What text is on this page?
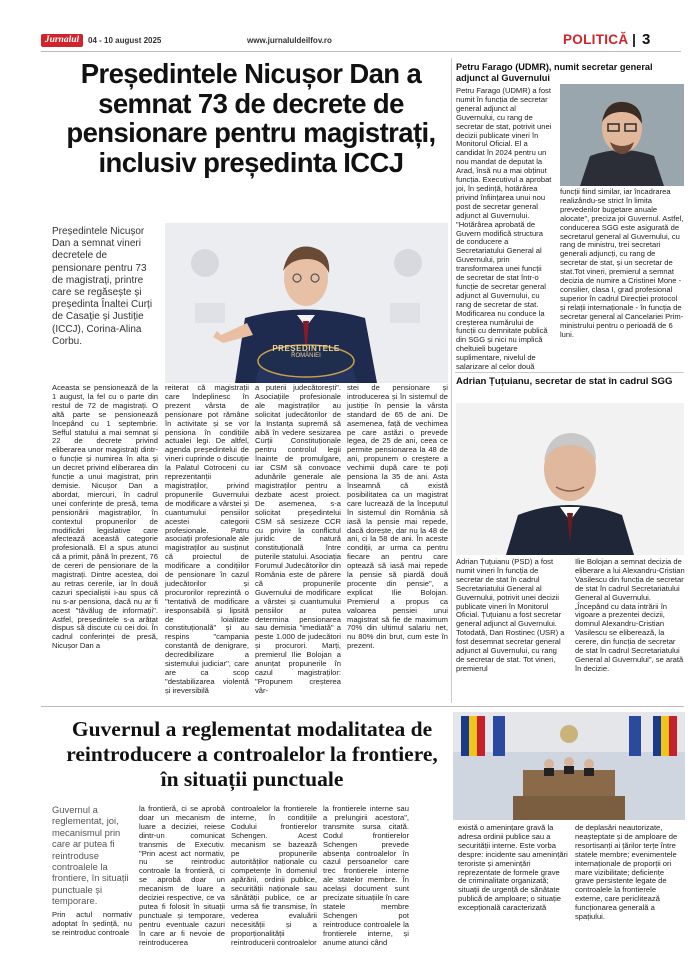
Jurnalul	04 - 10 august 2025	www.jurnaluldeilfov.ro	POLITICĂ 3
Președintele Nicușor Dan a semnat 73 de decrete de pensionare pentru magistrați, inclusiv președinta ICCJ

Președintele Nicușor Dan a semnat vineri decretele de pensionare pentru 73 de magistrați, printre care se regăsește și președinta Înaltei Curți de Casație și Justiție (ICCJ), Corina-Alina Corbu.

PREȘEDINTELE
ROMÂNIEI

Aceasta se pensionează de la 1 august, la fel cu o parte din restul de 72 de magistrați. O altă parte se pensionează începând cu 1 septembrie. Sefful statului a mai semnat și 22 de decrete privind eliberarea unor magistrați dintr-o funcție și numirea în alta și un decret privind eliberarea din funcție a unui magistrat, prin demisie. Nicușor Dan a abordat, miercuri, în cadrul unei conferințe de presă, tema pensionării magistraților, în contextul propunerilor de modificări legislative care afectează această categorie profesională. El a spus atunci că a primit, până în prezent, 76 de cereri de pensionare de la magistrați. Dintre acestea, doi au retras cererile, iar în două cazuri specialiștii i-au spus că nu s-ar pensiona, dacă nu ar fi acest "tăvălug de informații". Astfel, președintele s-a arătat dispus să discute cu cei doi. În cadrul conferinței de presă, Nicușor Dan a

reiterat că magistrații care îndeplinesc în prezent vârsta de pensionare pot rămâne în activitate și se vor pensiona în condițiile actualei legi. De altfel, agenda președintelui de vineri cuprinde o discuție la Palatul Cotroceni cu reprezentanții magistraților, privind propunerile Guvernului de modificare a vârstei și cuantumului pensiilor acestei categorii profesionale. Patru asociații profesionale ale magistraților au susținut că proiectul de modificare a condițiilor de pensionare în cazul judecătorilor și procurorilor reprezintă o "tentativă de modificare iresponsabilă și lipsită de loialitate constituțională" și au respins "campania constantă de denigrare, decredibilizare a sistemului judiciar", care are ca scop "destabilizarea violentă și ireversibilă

a puterii judecătorești". Asociațiile profesionale ale magistraților au solicitat judecătorilor de la Instanța supremă să aibă în vedere sesizarea Curții Constituționale pentru controlul legii înainte de promulgare, iar CSM să convoace adunările generale ale magistraților pentru a dezbate acest proiect. De asemenea, s-a solicitat președintelui CSM să sesizeze CCR cu privire la conflictul juridic de natură constituțională între puterile statului. Asociația Forumul Judecătorilor din România este de părere că propunerile Guvernului de modificare a vârstei și cuantumului pensiilor ar putea determina pensionarea sau demisia "imediată" a peste 1.000 de judecători și procurori. Marți, premierul Ilie Bolojan a anunțat propunerile în cazul magistraților: "Propunem creșterea vâr-

stei de pensionare și introducerea și în sistemul de justiție în pensie la vârsta standard de 65 de ani. De asemenea, față de vechimea pe care astăzi o prevede legea, de 25 de ani, ceea ce permite pensionarea la 48 de ani, propunem o creștere a vechimii după care te poți pensiona la 35 de ani. Asta înseamnă că există posibilitatea ca un magistrat care lucrează de la începutul în sistemul din România să iasă la pensie mai repede, dacă dorește, dar nu la 48 de ani, ci la 58 de ani. În aceste condiții, ar urma ca pentru fiecare an pentru care optează să iasă mai repede la pensie să piardă două procente din pensie", a explicat Ilie Bolojan. Premierul a propus ca valoarea pensiei unui magistrat să fie de maximum 70% din ultimul salariu net, nu 80% din brut, cum este în prezent.

Petru Farago (UDMR), numit secretar general adjunct al Guvernului

Petru Farago (UDMR) a fost numit în funcția de secretar general adjunct al Guvernului, cu rang de secretar de stat, potrivit unei decizii publicate vineri în Monitorul Oficial. El a candidat în 2024 pentru un nou mandat de deputat la Arad, însă nu a mai obținut funcția. Executivul a aprobat joi, în ședință, hotărârea privind înființarea unui nou post de secretar general adjunct al Guvernului. "Hotărârea aprobată de Guvern modifică structura de conducere a Secretariatului General al Guvernului, prin transformarea unei funcții de secretar de stat într-o funcție de secretar general adjunct al Guvernului, cu rang de secretar de stat. Modificarea nu conduce la creșterea numărului de funcții cu demnitate publică din SGG și nici nu implică cheltuieli bugetare suplimentare, nivelul de salarizare al celor două

funcții fiind similar, iar încadrarea realizându-se strict în limita prevederilor bugetare anuale alocate", preciza joi Guvernul. Astfel, conducerea SGG este asigurată de secretarul general al Guvernului, cu rang de ministru, trei secretari generali adjuncți, cu rang de secretar de stat, și un secretar de stat.Tot vineri, premierul a semnat decizia de numire a Cristinei Mone - consilier, clasa I, grad profesional superior în cadrul Direcției protocol și relații internaționale - în funcția de secretar general al Cancelariei Prim-ministrului pentru o perioadă de 6 luni.

Adrian Țuțuianu, secretar de stat în cadrul SGG

Adrian Țuțuianu (PSD) a fost numit vineri în funcția de secretar de stat în cadrul Secretariatului General al Guvernului, potrivit unei decizii publicate vineri în Monitorul Oficial. Țuțuianu a fost secretar general adjunct al Guvernului. Totodată, Dan Rostinec (USR) a fost desemnat secretar general adjunct al Guvernului, cu rang de secretar de stat. Tot vineri, premierul

Ilie Bolojan a semnat decizia de eliberare a lui Alexandru-Cristian Vasilescu din funcția de secretar de stat în cadrul Secretariatului General al Guvernului. „Începând cu data intrării în vigoare a prezentei decizii, domnul Alexandru-Cristian Vasilescu se eliberează, la cerere, din funcția de secretar de stat în cadrul Secretariatului General al Guvernului", se arată în decizie.

Guvernul a reglementat modalitatea de reintroducere a controalelor la frontiere, în situații punctuale

Guvernul a reglementat, joi, mecanismul prin care ar putea fi reintroduse controalele la frontiere, în situații punctuale și temporare.

Prin actul normativ adoptat în ședință, nu se reintroduc controale

la frontieră, ci se aprobă doar un mecanism de luare a deciziei, reiese dintr-un comunicat transmis de Executiv. "Prin acest act normativ, nu se reintroduc controale la frontieră, ci se aprobă doar un mecanism de luare a deciziei respective, ce va putea fi folosit în situații punctuale și temporare, pentru eventuale cazuri în care ar fi nevoie de reintroducerea

controalelor la frontierele interne, în condițiile Codului frontierelor Schengen. Acest mecanism se bazează pe propunerile autorităților naționale cu competențe în domeniul apărării, ordinii publice, securității naționale sau sănătății publice, ce ar urma să fie transmise, în vederea evaluării necesității și a proporționalității reintroducerii controalelor

la frontierele interne sau a prelungirii acestora", transmite sursa citată. Codul frontierelor Schengen prevede absența controalelor în cazul persoanelor care trec frontierele interne ale statelor membre. În același document sunt precizate situațiile în care statele membre Schengen pot reintroduce controalele la frontierele interne, și anume atunci când

există o amenințare gravă la adresa ordinii publice sau a securității interne. Este vorba despre: incidente sau amenințări teroriste și amenințări reprezentate de formele grave de criminalitate organizată; situații de urgență de sănătate publică de amploare; o situație excepțională caracterizată

de deplasări neautorizate, neașteptate și de amploare de resortisanți ai țărilor terțe între statele membre; evenimentele internaționale de proporții ori mare vizibilitate; deficiențe grave persistente legate de controalele la frontierele externe, care periclitează funcționarea generală a spațiului.
